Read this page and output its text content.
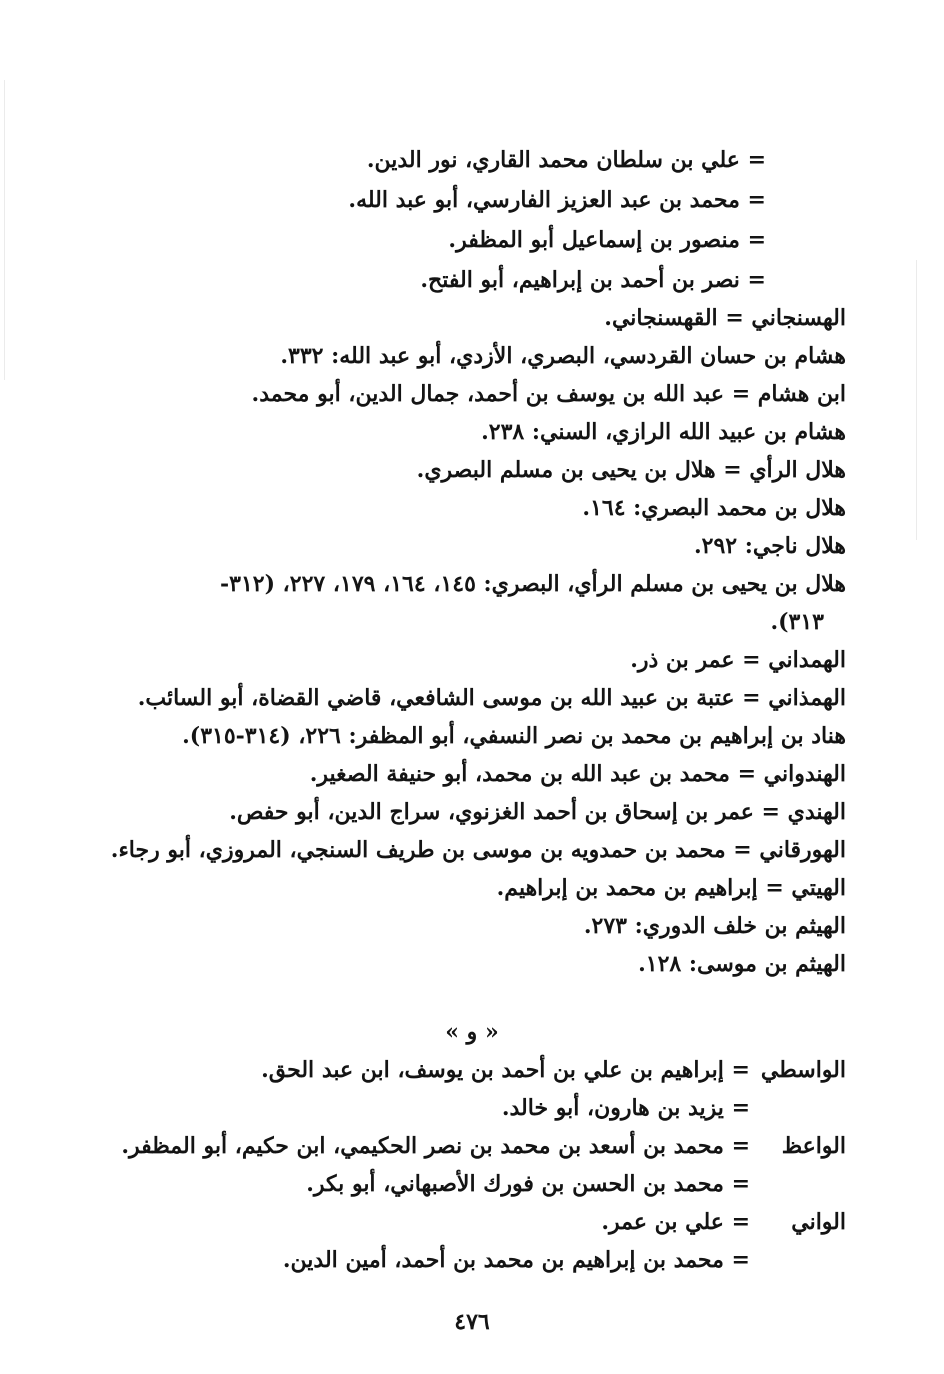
= علي بن سلطان محمد القاري، نور الدين.
= محمد بن عبد العزيز الفارسي، أبو عبد الله.
= منصور بن إسماعيل أبو المظفر.
= نصر بن أحمد بن إبراهيم، أبو الفتح.
الهسنجاني = القهسنجاني.
هشام بن حسان القردسي، البصري، الأزدي، أبو عبد الله: ٣٣٢.
ابن هشام = عبد الله بن يوسف بن أحمد، جمال الدين، أبو محمد.
هشام بن عبيد الله الرازي، السني: ٢٣٨.
هلال الرأي = هلال بن يحيى بن مسلم البصري.
هلال بن محمد البصري: ١٦٤.
هلال ناجي: ٢٩٢.
هلال بن يحيى بن مسلم الرأي، البصري: ١٤٥، ١٦٤، ١٧٩، ٢٢٧، (٣١٢-
٣١٣).
الهمداني = عمر بن ذر.
الهمذاني = عتبة بن عبيد الله بن موسى الشافعي، قاضي القضاة، أبو السائب.
هناد بن إبراهيم بن محمد بن نصر النسفي، أبو المظفر: ٢٢٦، (٣١٤-٣١٥).
الهندواني = محمد بن عبد الله بن محمد، أبو حنيفة الصغير.
الهندي = عمر بن إسحاق بن أحمد الغزنوي، سراج الدين، أبو حفص.
الهورقاني = محمد بن حمدويه بن موسى بن طريف السنجي، المروزي، أبو رجاء.
الهيتي = إبراهيم بن محمد بن إبراهيم.
الهيثم بن خلف الدوري: ٢٧٣.
الهيثم بن موسى: ١٢٨.
« و »
الواسطي
= إبراهيم بن علي بن أحمد بن يوسف، ابن عبد الحق.
= يزيد بن هارون، أبو خالد.
الواعظ
= محمد بن أسعد بن محمد بن نصر الحكيمي، ابن حكيم، أبو المظفر.
= محمد بن الحسن بن فورك الأصبهاني، أبو بكر.
الواني
= علي بن عمر.
= محمد بن إبراهيم بن محمد بن أحمد، أمين الدين.
٤٧٦
